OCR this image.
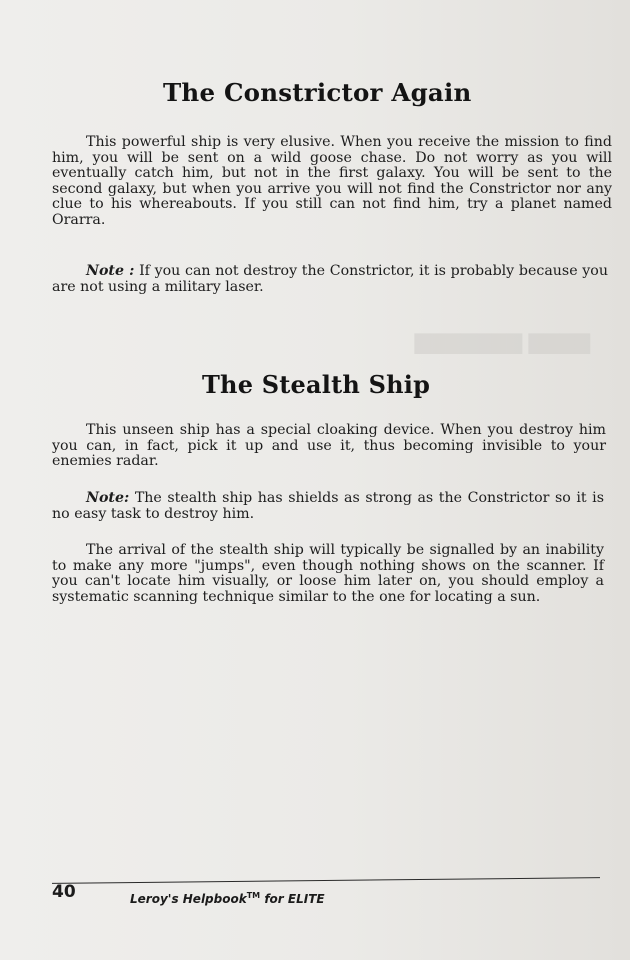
▇▇▇▇ ▇▇▇▇▇▇▇
The Constrictor Again

This powerful ship is very elusive. When you receive the mission to find him, you will be sent on a wild goose chase. Do not worry as you will eventually catch him, but not in the first galaxy. You will be sent to the second galaxy, but when you arrive you will not find the Constrictor nor any clue to his whereabouts. If you still can not find him, try a planet named Orarra.

Note : If you can not destroy the Constrictor, it is probably because you are not using a military laser.

The Stealth Ship

This unseen ship has a special cloaking device. When you destroy him you can, in fact, pick it up and use it, thus becoming invisible to your enemies radar.

Note: The stealth ship has shields as strong as the Constrictor so it is no easy task to destroy him.

The arrival of the stealth ship will typically be signalled by an inability to make any more "jumps", even though nothing shows on the scanner. If you can't locate him visually, or loose him later on, you should employ a systematic scanning technique similar to the one for locating a sun.

40	Leroy's Helpbook™ for ELITE
